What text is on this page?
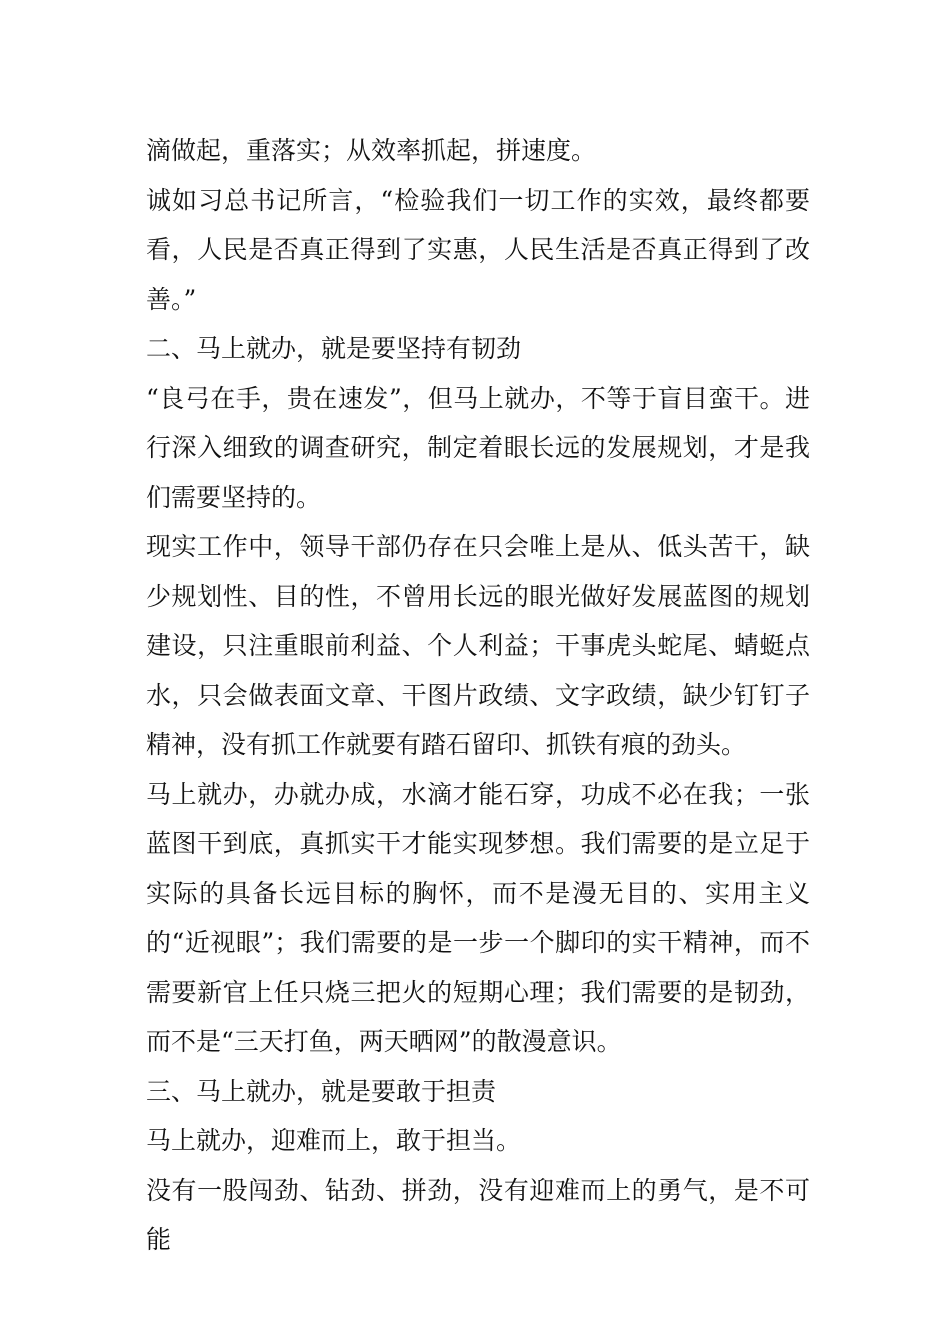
滴做起，重落实；从效率抓起，拼速度。

诚如习总书记所言，“检验我们一切工作的实效，最终都要看，人民是否真正得到了实惠，人民生活是否真正得到了改善。”

二、马上就办，就是要坚持有韧劲

“良弓在手，贵在速发”，但马上就办，不等于盲目蛮干。进行深入细致的调查研究，制定着眼长远的发展规划，才是我们需要坚持的。

现实工作中，领导干部仍存在只会唯上是从、低头苦干，缺少规划性、目的性，不曾用长远的眼光做好发展蓝图的规划建设，只注重眼前利益、个人利益；干事虎头蛇尾、蜻蜓点水，只会做表面文章、干图片政绩、文字政绩，缺少钉钉子精神，没有抓工作就要有踏石留印、抓铁有痕的劲头。

马上就办，办就办成，水滴才能石穿，功成不必在我；一张蓝图干到底，真抓实干才能实现梦想。我们需要的是立足于实际的具备长远目标的胸怀，而不是漫无目的、实用主义的“近视眼”；我们需要的是一步一个脚印的实干精神，而不需要新官上任只烧三把火的短期心理；我们需要的是韧劲，而不是“三天打鱼，两天晒网”的散漫意识。

三、马上就办，就是要敢于担责

马上就办，迎难而上，敢于担当。

没有一股闯劲、钻劲、拼劲，没有迎难而上的勇气，是不可能
